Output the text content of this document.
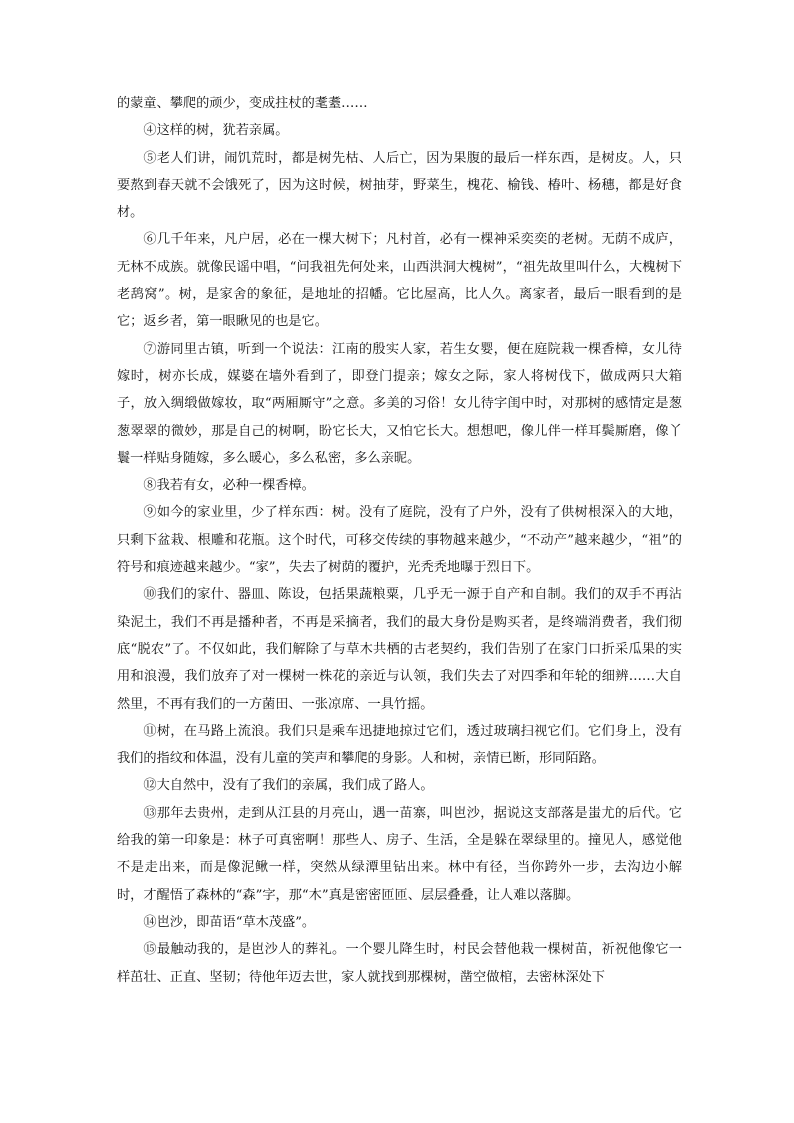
的蒙童、攀爬的顽少，变成拄杖的耄耋……

④这样的树，犹若亲属。

⑤老人们讲，闹饥荒时，都是树先枯、人后亡，因为果腹的最后一样东西，是树皮。人，只要熬到春天就不会饿死了，因为这时候，树抽芽，野菜生，槐花、榆钱、椿叶、杨穗，都是好食材。

⑥几千年来，凡户居，必在一棵大树下；凡村首，必有一棵神采奕奕的老树。无荫不成庐，无林不成族。就像民谣中唱，“问我祖先何处来，山西洪洞大槐树”，“祖先故里叫什么，大槐树下老鸹窝”。树，是家舍的象征，是地址的招幡。它比屋高，比人久。离家者，最后一眼看到的是它；返乡者，第一眼瞅见的也是它。

⑦游同里古镇，听到一个说法：江南的殷实人家，若生女婴，便在庭院栽一棵香樟，女儿待嫁时，树亦长成，媒婆在墙外看到了，即登门提亲；嫁女之际，家人将树伐下，做成两只大箱子，放入绸缎做嫁妆，取“两厢厮守”之意。多美的习俗！女儿待字闺中时，对那树的感情定是葱葱翠翠的微妙，那是自己的树啊，盼它长大，又怕它长大。想想吧，像儿伴一样耳鬓厮磨，像丫鬟一样贴身随嫁，多么暖心，多么私密，多么亲昵。

⑧我若有女，必种一棵香樟。

⑨如今的家业里，少了样东西：树。没有了庭院，没有了户外，没有了供树根深入的大地，只剩下盆栽、根雕和花瓶。这个时代，可移交传续的事物越来越少，“不动产”越来越少，“祖”的符号和痕迹越来越少。“家”，失去了树荫的覆护，光秃秃地曝于烈日下。

⑩我们的家什、器皿、陈设，包括果蔬粮粟，几乎无一源于自产和自制。我们的双手不再沾染泥土，我们不再是播种者，不再是采摘者，我们的最大身份是购买者，是终端消费者，我们彻底“脱农”了。不仅如此，我们解除了与草木共栖的古老契约，我们告别了在家门口折采瓜果的实用和浪漫，我们放弃了对一棵树一株花的亲近与认领，我们失去了对四季和年轮的细辨……大自然里，不再有我们的一方菌田、一张凉席、一具竹摇。

⑪树，在马路上流浪。我们只是乘车迅捷地掠过它们，透过玻璃扫视它们。它们身上，没有我们的指纹和体温，没有儿童的笑声和攀爬的身影。人和树，亲情已断，形同陌路。

⑫大自然中，没有了我们的亲属，我们成了路人。

⑬那年去贵州，走到从江县的月亮山，遇一苗寨，叫岜沙，据说这支部落是蚩尤的后代。它给我的第一印象是：林子可真密啊！那些人、房子、生活，全是躲在翠绿里的。撞见人，感觉他不是走出来，而是像泥鳅一样，突然从绿潭里钻出来。林中有径，当你跨外一步，去沟边小解时，才醒悟了森林的“森”字，那“木”真是密密匝匝、层层叠叠，让人难以落脚。

⑭岜沙，即苗语“草木茂盛”。

⑮最触动我的，是岜沙人的葬礼。一个婴儿降生时，村民会替他栽一棵树苗，祈祝他像它一样茁壮、正直、坚韧；待他年迈去世，家人就找到那棵树，凿空做棺，去密林深处下
